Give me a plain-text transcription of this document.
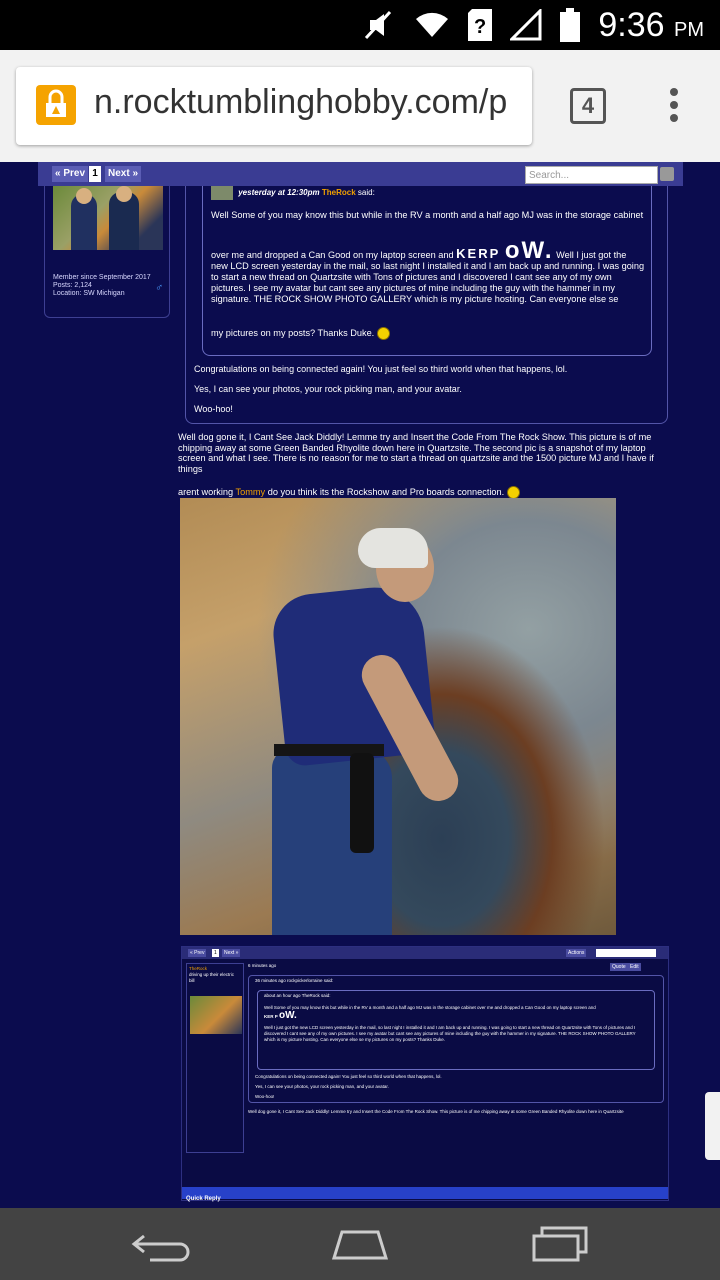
?	9:36 PM
n.rocktumblinghobby.com/p	4
« Prev 1	Next »	Search...
Member since September 2017
Posts: 2,124
Location: SW Michigan	♂
yesterday at 12:30pm TheRock said:
Well Some of you may know this but while in the RV a month and a half ago MJ was in the storage cabinet
over me and dropped a Can Good on my laptop screen and KERP oW. Well I just got the new LCD screen yesterday in the mail, so last night I installed it and I am back up and running. I was going to start a new thread on Quartzsite with Tons of pictures and I discovered I cant see any of my own pictures. I see my avatar but cant see any pictures of mine including the guy with the hammer in my signature. THE ROCK SHOW PHOTO GALLERY which is my picture hosting. Can everyone else se
my pictures on my posts? Thanks Duke.

Congratulations on being connected again! You just feel so third world when that happens, lol.

Yes, I can see your photos, your rock picking man, and your avatar.

Woo-hoo!

Well dog gone it, I Cant See Jack Diddly! Lemme try and Insert the Code From The Rock Show. This picture is of me chipping away at some Green Banded Rhyolite down here in Quartzsite. The second pic is a snapshot of my laptop screen and what I see. There is no reason for me to start a thread on quartzsite and the 1500 picture MJ and I have if things
arent working Tommy do you think its the Rockshow and Pro boards connection.
« Prev	1	Next »	Actions
TheRock
driving up their electric bill
6 minutes ago	Quote Edit
36 minutes ago rockpickerlorraine said:
about an hour ago TheRock said:
Well Some of you may know this but while in the RV a month and a half ago MJ was in the storage cabinet over me and dropped a Can Good on my laptop screen and
KER P oW.
Well I just got the new LCD screen yesterday in the mail, so last night I installed it and I am back up and running. I was going to start a new thread on Quartzsite with Tons of pictures and I discovered I cant see any of my own pictures. I see my avatar but cant see any pictures of mine including the guy with the hammer in my signature. THE ROCK SHOW PHOTO GALLERY which is my picture hosting. Can everyone else se my pictures on my posts? Thanks Duke.
Congratulations on being connected again! You just feel so third world when that happens, lol.
Yes, I can see your photos, your rock picking man, and your avatar.
Woo-hoo!
Well dog gone it, I Cant See Jack Diddly! Lemme try and Insert the Code From The Rock Show. This picture is of me chipping away at some Green Banded Rhyolite down here in Quartzsite
Quick Reply
